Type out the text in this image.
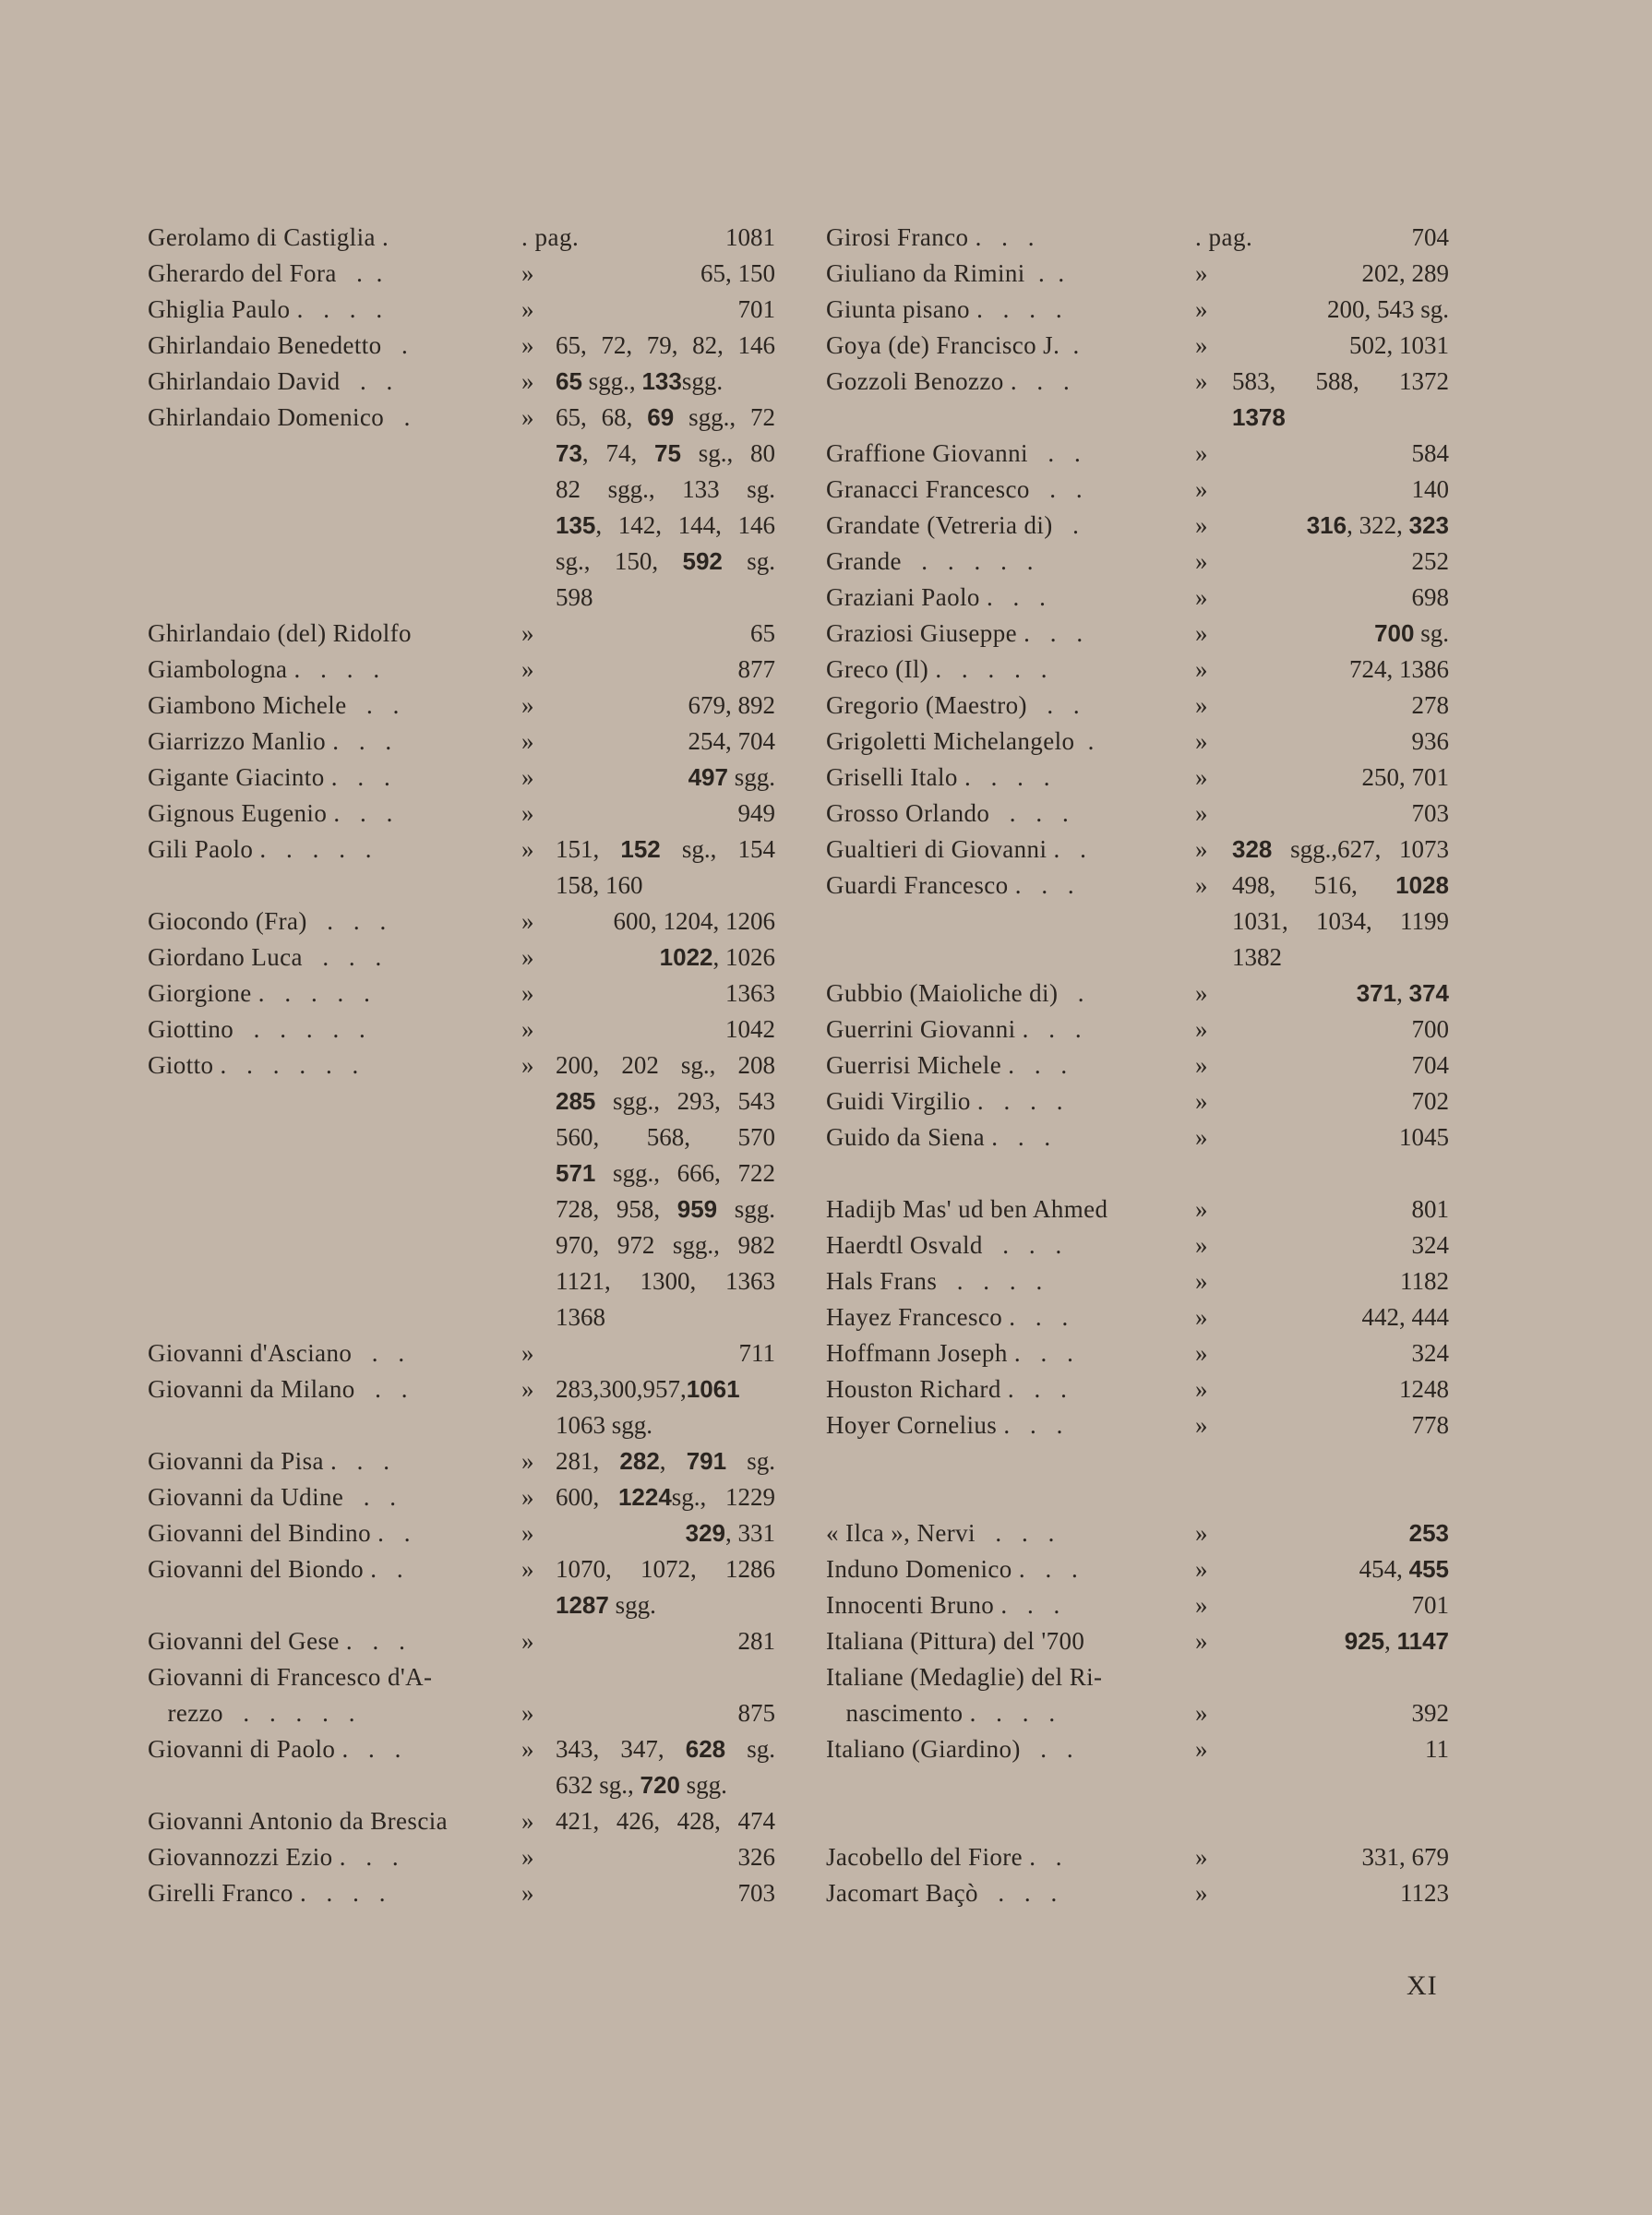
Gerolamo di Castiglia .	. pag.	1081
Gherardo del Fora   .  .	»	65, 150
Ghiglia Paulo .   .   .   .	»	701
Ghirlandaio Benedetto   .	» 65, 72, 79, 82, 146
Ghirlandaio David   .   .	» 65 sgg., 133sgg.
Ghirlandaio Domenico   .	» 65, 68, 69 sgg., 72
73, 74, 75 sg., 80
82 sgg., 133 sg.
135, 142, 144, 146
sg., 150, 592 sg.
598
Ghirlandaio (del) Ridolfo	»	65
Giambologna .   .   .   .	»	877
Giambono Michele   .   .	»	679, 892
Giarrizzo Manlio .   .   .	»	254, 704
Gigante Giacinto .   .   .	»	497 sgg.
Gignous Eugenio .   .   .	»	949
Gili Paolo .   .   .   .   .	» 151, 152 sg., 154
158, 160
Giocondo (Fra)   .   .   .	»	600, 1204, 1206
Giordano Luca   .   .   .	»	1022, 1026
Giorgione .   .   .   .   .	»	1363
Giottino   .   .   .   .   .	»	1042
Giotto .   .   .   .   .   .	» 200, 202 sg., 208
285 sgg., 293, 543
560, 568, 570
571 sgg., 666, 722
728, 958, 959 sgg.
970, 972 sgg., 982
1121, 1300, 1363
1368
Giovanni d'Asciano   .   .	»	711
Giovanni da Milano   .   .	» 283,300,957,1061
1063 sgg.
Giovanni da Pisa .   .   .	» 281, 282, 791 sg.
Giovanni da Udine   .   .	» 600, 1224sg., 1229
Giovanni del Bindino .   .	»	329, 331
Giovanni del Biondo .   .	» 1070, 1072, 1286
1287 sgg.
Giovanni del Gese .   .   .	»	281
Giovanni di Francesco d'A-
rezzo   .   .   .   .   .	»	875
Giovanni di Paolo .   .   .	» 343, 347, 628 sg.
632 sg., 720 sgg.
Giovanni Antonio da Brescia	» 421, 426, 428, 474
Giovannozzi Ezio .   .   .	»	326
Girelli Franco .   .   .   .	»	703
Girosi Franco .   .   .	. pag.	704
Giuliano da Rimini  .  .	»	202, 289
Giunta pisano .   .   .   .	»	200, 543 sg.
Goya (de) Francisco J.  .	»	502, 1031
Gozzoli Benozzo .   .   .	» 583, 588, 1372
1378
Graffione Giovanni   .   .	»	584
Granacci Francesco   .   .	»	140
Grandate (Vetreria di)   .	»	316, 322, 323
Grande   .   .   .   .   .	»	252
Graziani Paolo .   .   .	»	698
Graziosi Giuseppe .   .   .	»	700 sg.
Greco (Il) .   .   .   .   .	»	724, 1386
Gregorio (Maestro)   .   .	»	278
Grigoletti Michelangelo  .	»	936
Griselli Italo .   .   .   .	»	250, 701
Grosso Orlando   .   .   .	»	703
Gualtieri di Giovanni .   .	» 328 sgg.,627, 1073
Guardi Francesco .   .   .	» 498, 516, 1028
1031, 1034, 1199
1382
Gubbio (Maioliche di)   .	»	371, 374
Guerrini Giovanni .   .   .	»	700
Guerrisi Michele .   .   .	»	704
Guidi Virgilio .   .   .   .	»	702
Guido da Siena .   .   .	»	1045
Hadijb Mas' ud ben Ahmed	»	801
Haerdtl Osvald   .   .   .	»	324
Hals Frans   .   .   .   .	»	1182
Hayez Francesco .   .   .	»	442, 444
Hoffmann Joseph .   .   .	»	324
Houston Richard .   .   .	»	1248
Hoyer Cornelius .   .   .	»	778
« Ilca », Nervi   .   .   .	»	253
Induno Domenico .   .   .	»	454, 455
Innocenti Bruno .   .   .	»	701
Italiana (Pittura) del '700	»	925, 1147
Italiane (Medaglie) del Ri-
nascimento .   .   .   .	»	392
Italiano (Giardino)   .   .	»	11
Jacobello del Fiore .   .	»	331, 679
Jacomart Baçò   .   .   .	»	1123
XI
